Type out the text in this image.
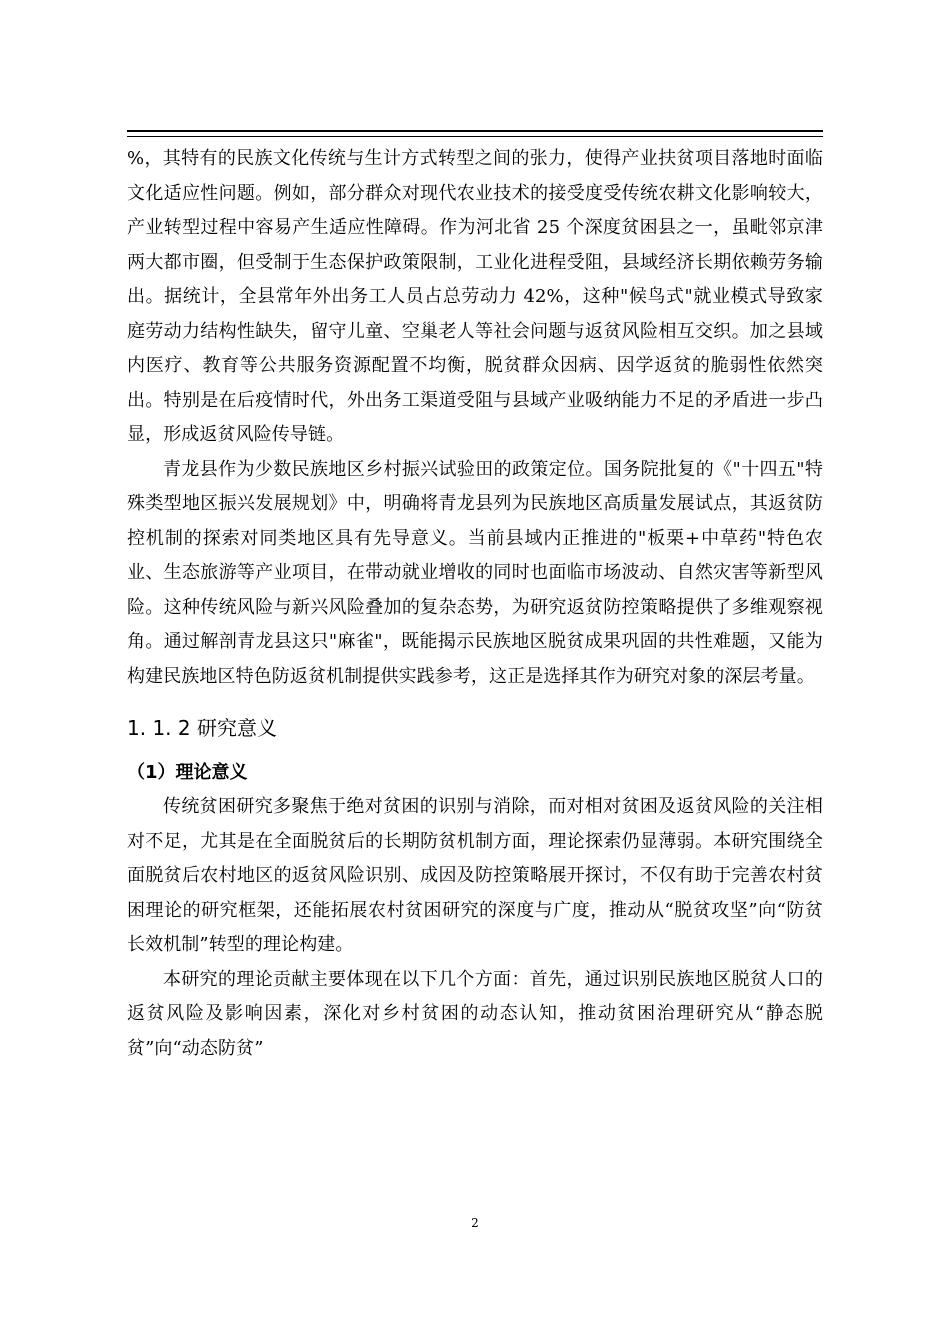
%，其特有的民族文化传统与生计方式转型之间的张力，使得产业扶贫项目落地时面临文化适应性问题。例如，部分群众对现代农业技术的接受度受传统农耕文化影响较大，产业转型过程中容易产生适应性障碍。作为河北省 25 个深度贫困县之一，虽毗邻京津两大都市圈，但受制于生态保护政策限制，工业化进程受阻，县域经济长期依赖劳务输出。据统计，全县常年外出务工人员占总劳动力 42%，这种"候鸟式"就业模式导致家庭劳动力结构性缺失，留守儿童、空巢老人等社会问题与返贫风险相互交织。加之县域内医疗、教育等公共服务资源配置不均衡，脱贫群众因病、因学返贫的脆弱性依然突出。特别是在后疫情时代，外出务工渠道受阻与县域产业吸纳能力不足的矛盾进一步凸显，形成返贫风险传导链。

青龙县作为少数民族地区乡村振兴试验田的政策定位。国务院批复的《"十四五"特殊类型地区振兴发展规划》中，明确将青龙县列为民族地区高质量发展试点，其返贫防控机制的探索对同类地区具有先导意义。当前县域内正推进的"板栗+中草药"特色农业、生态旅游等产业项目，在带动就业增收的同时也面临市场波动、自然灾害等新型风险。这种传统风险与新兴风险叠加的复杂态势，为研究返贫防控策略提供了多维观察视角。通过解剖青龙县这只"麻雀"，既能揭示民族地区脱贫成果巩固的共性难题，又能为构建民族地区特色防返贫机制提供实践参考，这正是选择其作为研究对象的深层考量。

1. 1. 2 研究意义
（1）理论意义

传统贫困研究多聚焦于绝对贫困的识别与消除，而对相对贫困及返贫风险的关注相对不足，尤其是在全面脱贫后的长期防贫机制方面，理论探索仍显薄弱。本研究围绕全面脱贫后农村地区的返贫风险识别、成因及防控策略展开探讨，不仅有助于完善农村贫困理论的研究框架，还能拓展农村贫困研究的深度与广度，推动从“脱贫攻坚”向“防贫长效机制”转型的理论构建。

本研究的理论贡献主要体现在以下几个方面：首先，通过识别民族地区脱贫人口的返贫风险及影响因素，深化对乡村贫困的动态认知，推动贫困治理研究从“静态脱贫”向“动态防贫”

2
